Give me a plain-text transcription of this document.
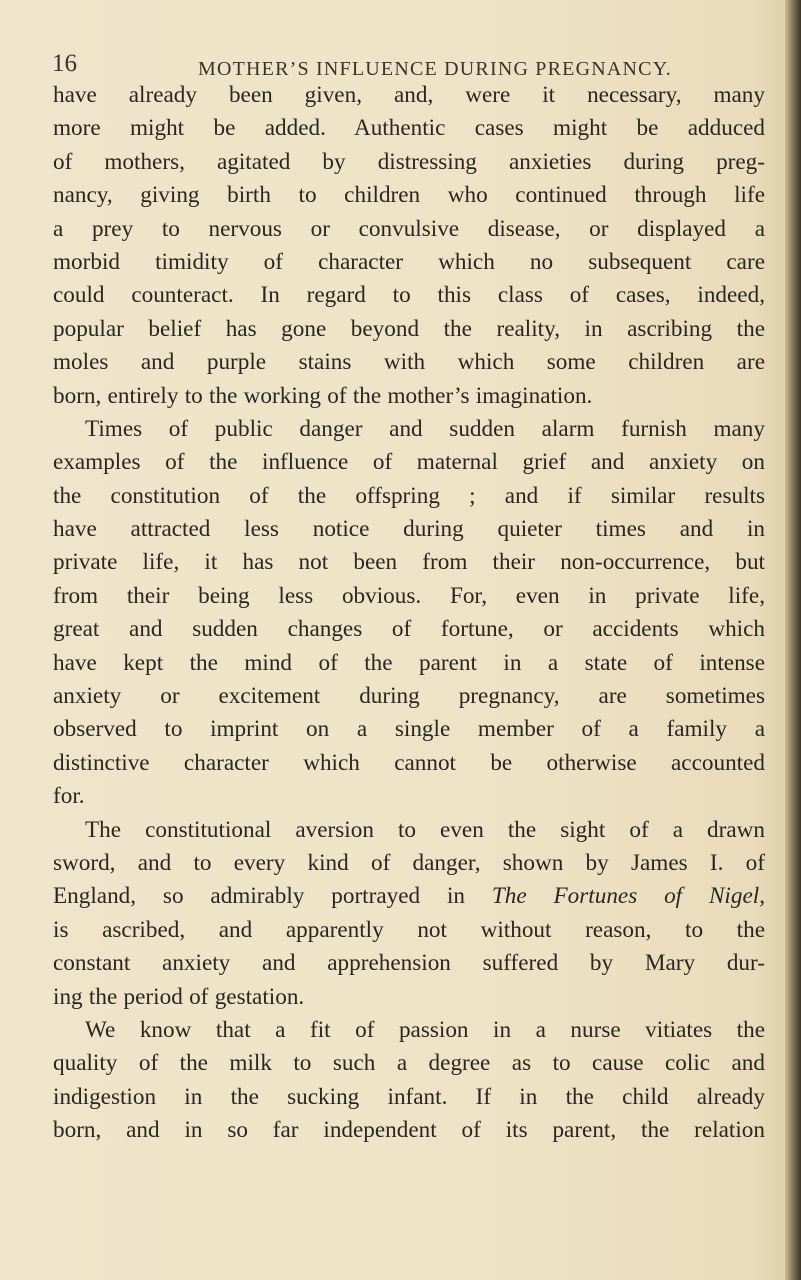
16	MOTHER’S INFLUENCE DURING PREGNANCY.
have already been given, and, were it necessary, many
more might be added. Authentic cases might be adduced
of mothers, agitated by distressing anxieties during preg-
nancy, giving birth to children who continued through life
a prey to nervous or convulsive disease, or displayed a
morbid timidity of character which no subsequent care
could counteract. In regard to this class of cases, indeed,
popular belief has gone beyond the reality, in ascribing the
moles and purple stains with which some children are
born, entirely to the working of the mother’s imagination.
Times of public danger and sudden alarm furnish many
examples of the influence of maternal grief and anxiety on
the constitution of the offspring ; and if similar results
have attracted less notice during quieter times and in
private life, it has not been from their non-occurrence, but
from their being less obvious. For, even in private life,
great and sudden changes of fortune, or accidents which
have kept the mind of the parent in a state of intense
anxiety or excitement during pregnancy, are sometimes
observed to imprint on a single member of a family a
distinctive character which cannot be otherwise accounted
for.
The constitutional aversion to even the sight of a drawn
sword, and to every kind of danger, shown by James I. of
England, so admirably portrayed in The Fortunes of Nigel,
is ascribed, and apparently not without reason, to the
constant anxiety and apprehension suffered by Mary dur-
ing the period of gestation.
We know that a fit of passion in a nurse vitiates the
quality of the milk to such a degree as to cause colic and
indigestion in the sucking infant. If in the child already
born, and in so far independent of its parent, the relation
